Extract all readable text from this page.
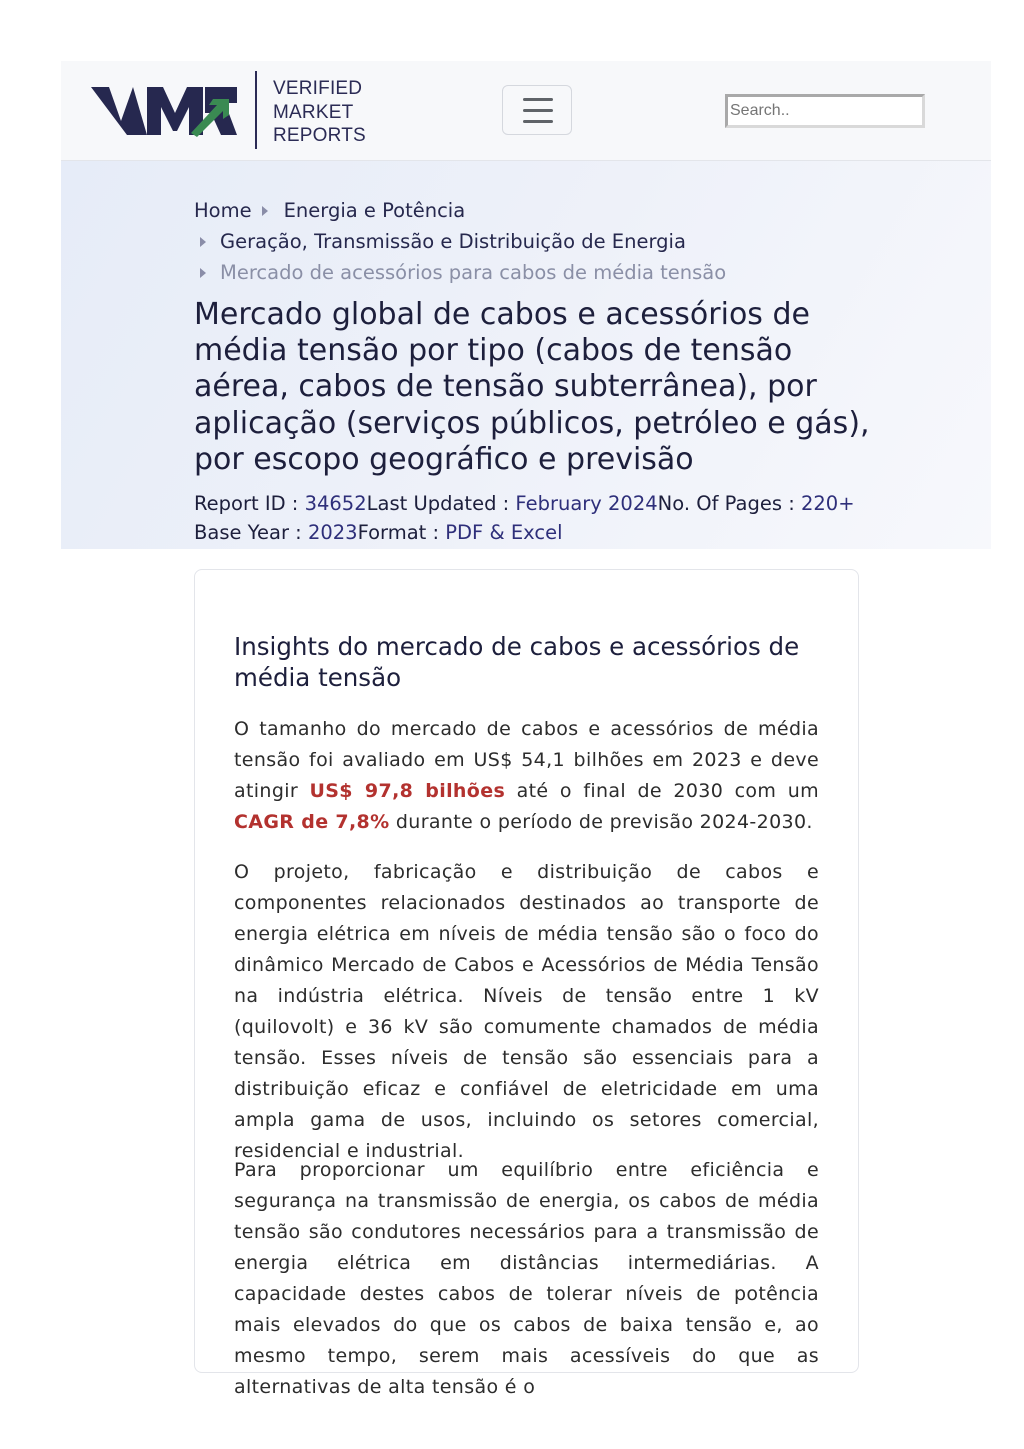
VERIFIED
MARKET
REPORTS
Search..
Home Energia e Potência
Geração, Transmissão e Distribuição de Energia
Mercado de acessórios para cabos de média tensão
Mercado global de cabos e acessórios de média tensão por tipo (cabos de tensão aérea, cabos de tensão subterrânea), por aplicação (serviços públicos, petróleo e gás), por escopo geográfico e previsão
Report ID : 34652Last Updated : February 2024No. Of Pages : 220+
Base Year : 2023Format : PDF & Excel
Insights do mercado de cabos e acessórios de média tensão

O tamanho do mercado de cabos e acessórios de média tensão foi avaliado em US$ 54,1 bilhões em 2023 e deve atingir US$ 97,8 bilhões até o final de 2030 com um CAGR de 7,8% durante o período de previsão 2024-2030.

O projeto, fabricação e distribuição de cabos e componentes relacionados destinados ao transporte de energia elétrica em níveis de média tensão são o foco do dinâmico Mercado de Cabos e Acessórios de Média Tensão na indústria elétrica. Níveis de tensão entre 1 kV (quilovolt) e 36 kV são comumente chamados de média tensão. Esses níveis de tensão são essenciais para a distribuição eficaz e confiável de eletricidade em uma ampla gama de usos, incluindo os setores comercial, residencial e industrial.

Para proporcionar um equilíbrio entre eficiência e segurança na transmissão de energia, os cabos de média tensão são condutores necessários para a transmissão de energia elétrica em distâncias intermediárias. A capacidade destes cabos de tolerar níveis de potência mais elevados do que os cabos de baixa tensão e, ao mesmo tempo, serem mais acessíveis do que as alternativas de alta tensão é o
